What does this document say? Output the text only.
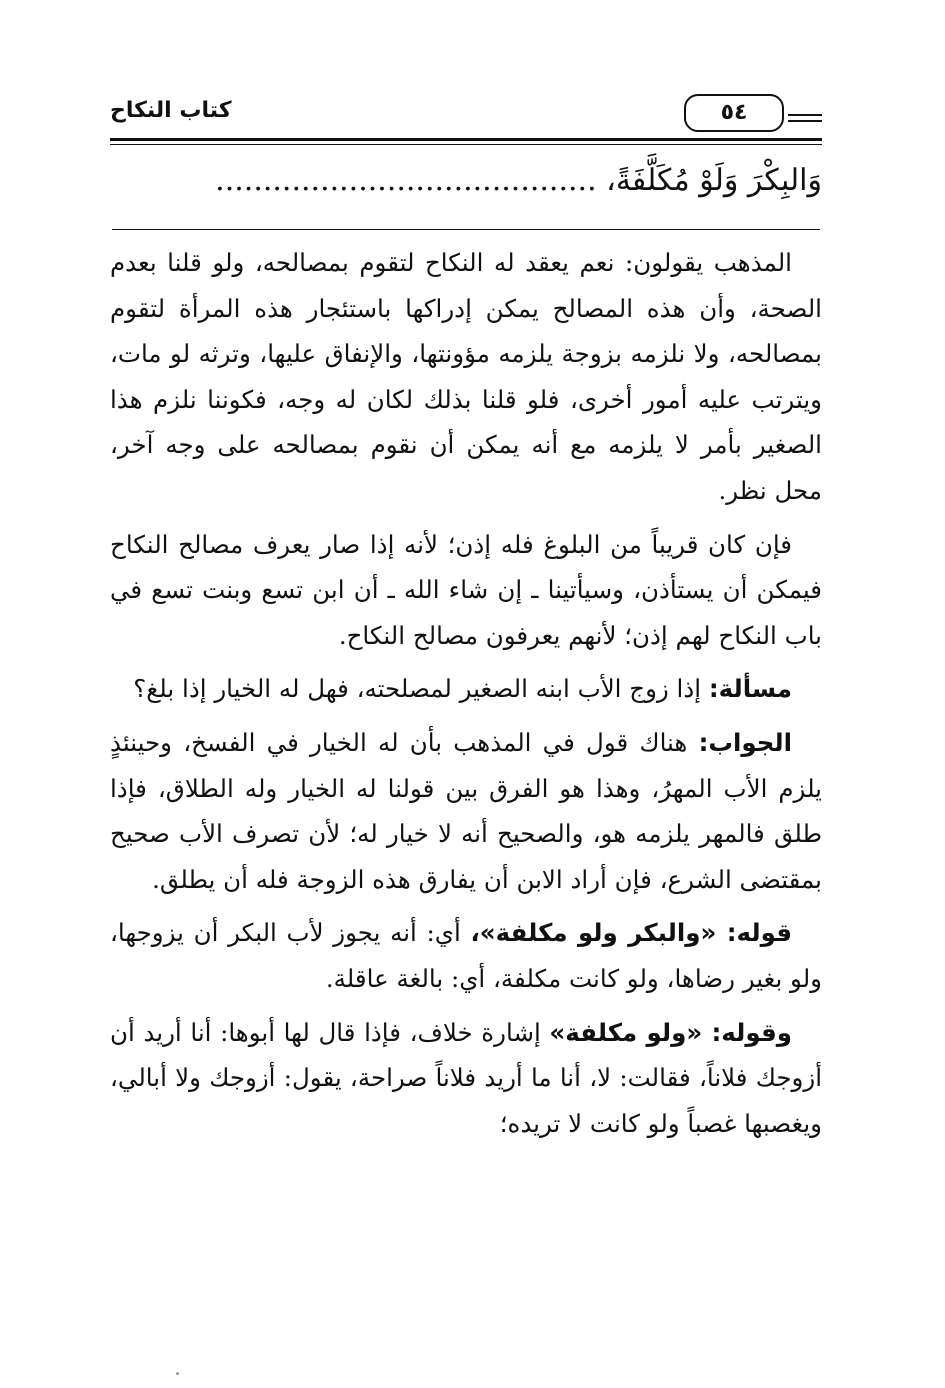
كتاب النكاح	٥٤
وَالبِكْرَ وَلَوْ مُكَلَّفَةً، ........................................

المذهب يقولون: نعم يعقد له النكاح لتقوم بمصالحه، ولو قلنا بعدم الصحة، وأن هذه المصالح يمكن إدراكها باستئجار هذه المرأة لتقوم بمصالحه، ولا نلزمه بزوجة يلزمه مؤونتها، والإنفاق عليها، وترثه لو مات، ويترتب عليه أمور أخرى، فلو قلنا بذلك لكان له وجه، فكوننا نلزم هذا الصغير بأمر لا يلزمه مع أنه يمكن أن نقوم بمصالحه على وجه آخر، محل نظر.

فإن كان قريباً من البلوغ فله إذن؛ لأنه إذا صار يعرف مصالح النكاح فيمكن أن يستأذن، وسيأتينا ـ إن شاء الله ـ أن ابن تسع وبنت تسع في باب النكاح لهم إذن؛ لأنهم يعرفون مصالح النكاح.

مسألة: إذا زوج الأب ابنه الصغير لمصلحته، فهل له الخيار إذا بلغ؟

الجواب: هناك قول في المذهب بأن له الخيار في الفسخ، وحينئذٍ يلزم الأب المهرُ، وهذا هو الفرق بين قولنا له الخيار وله الطلاق، فإذا طلق فالمهر يلزمه هو، والصحيح أنه لا خيار له؛ لأن تصرف الأب صحيح بمقتضى الشرع، فإن أراد الابن أن يفارق هذه الزوجة فله أن يطلق.

قوله: «والبكر ولو مكلفة»، أي: أنه يجوز لأب البكر أن يزوجها، ولو بغير رضاها، ولو كانت مكلفة، أي: بالغة عاقلة.

وقوله: «ولو مكلفة» إشارة خلاف، فإذا قال لها أبوها: أنا أريد أن أزوجك فلاناً، فقالت: لا، أنا ما أريد فلاناً صراحة، يقول: أزوجك ولا أبالي، ويغصبها غصباً ولو كانت لا تريده؛
